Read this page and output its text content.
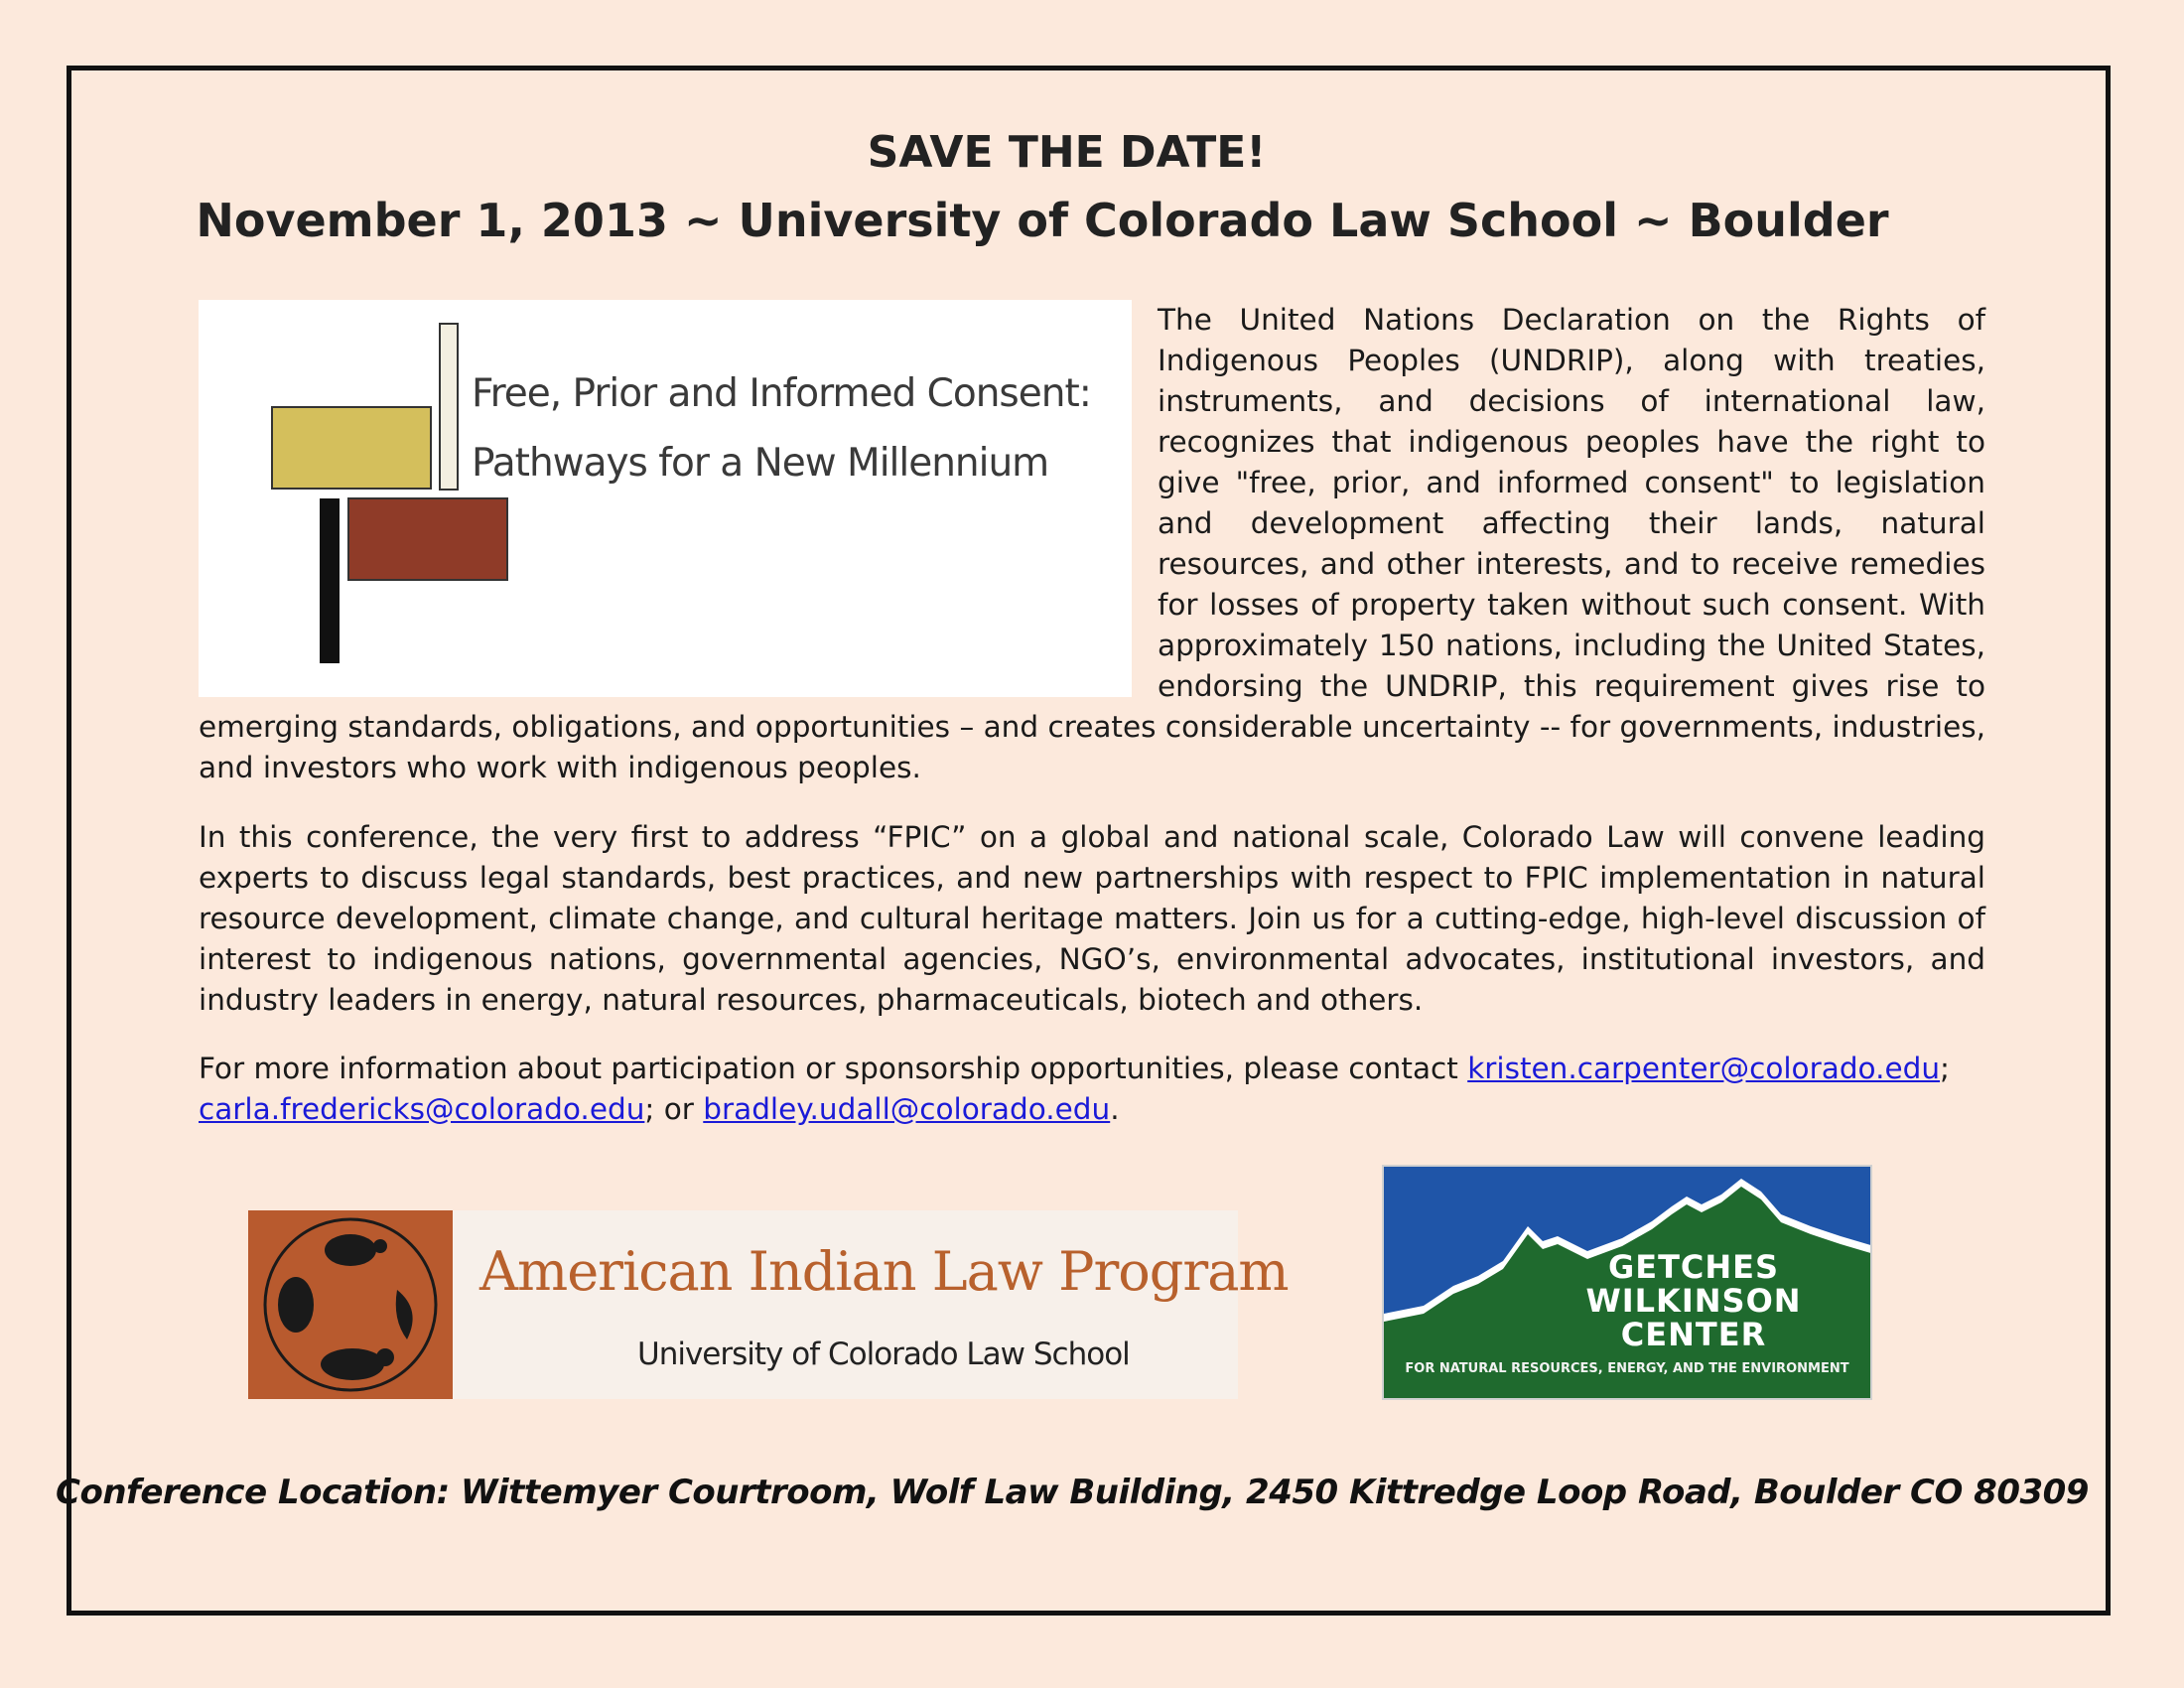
SAVE THE DATE!
November 1, 2013 ~ University of Colorado Law School ~ Boulder
Free, Prior and Informed Consent:
Pathways for a New Millennium
The United Nations Declaration on the Rights of Indigenous Peoples (UNDRIP), along with treaties, instruments, and decisions of international law, recognizes that indigenous peoples have the right to give "free, prior, and informed consent" to legislation and development affecting their lands, natural resources, and other interests, and to receive remedies for losses of property taken without such consent. With approximately 150 nations, including the United States, endorsing the UNDRIP, this requirement gives rise to emerging standards, obligations, and opportunities – and creates considerable uncertainty -- for governments, industries, and investors who work with indigenous peoples.
In this conference, the very first to address “FPIC” on a global and national scale, Colorado Law will convene leading experts to discuss legal standards, best practices, and new partnerships with respect to FPIC implementation in natural resource development, climate change, and cultural heritage matters. Join us for a cutting-edge, high-level discussion of interest to indigenous nations, governmental agencies, NGO’s, environmental advocates, institutional investors, and industry leaders in energy, natural resources, pharmaceuticals, biotech and others.
For more information about participation or sponsorship opportunities, please contact kristen.carpenter@colorado.edu; carla.fredericks@colorado.edu; or bradley.udall@colorado.edu.
American Indian Law Program
University of Colorado Law School
GETCHES
WILKINSON
CENTER
FOR NATURAL RESOURCES, ENERGY, AND THE ENVIRONMENT
Conference Location: Wittemyer Courtroom, Wolf Law Building, 2450 Kittredge Loop Road, Boulder CO 80309
